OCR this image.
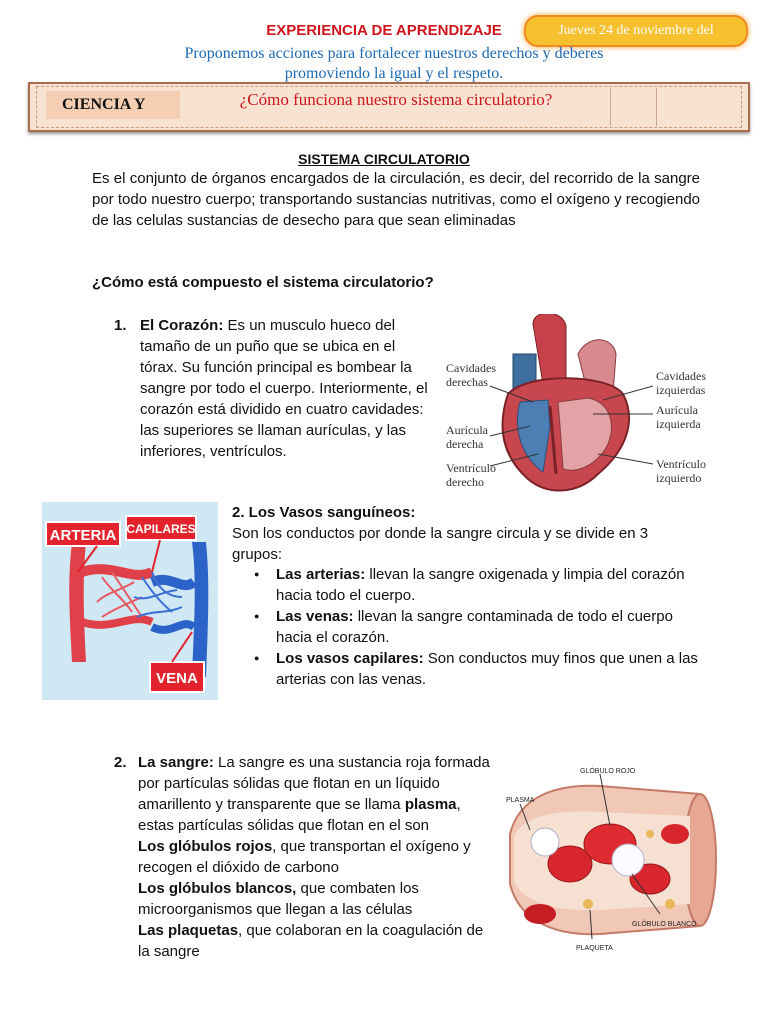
EXPERIENCIA DE APRENDIZAJE	Jueves 24 de noviembre del
Proponemos acciones para fortalecer nuestros derechos y deberes
promoviendo la igual y el respeto.
CIENCIA Y	¿Cómo funciona nuestro sistema circulatorio?
SISTEMA CIRCULATORIO
Es el conjunto de órganos encargados de la circulación, es decir, del recorrido de la sangre por todo nuestro cuerpo; transportando sustancias nutritivas, como el oxígeno y recogiendo de las celulas sustancias de desecho para que sean eliminadas
¿Cómo está compuesto el sistema circulatorio?
1. El Corazón: Es un musculo hueco del tamaño de un puño que se ubica en el tórax. Su función principal es bombear la sangre por todo el cuerpo. Interiormente, el corazón está dividido en cuatro cavidades: las superiores se llaman aurículas, y las inferiores, ventrículos.
Cavidades
derechas
Aurícula
derecha
Ventrículo
derecho
Cavidades
izquierdas
Aurícula
izquierda
Ventrículo
izquierdo
ARTERIA CAPILARES
VENA
2. Los Vasos sanguíneos:
Son los conductos por donde la sangre circula y se divide en 3 grupos:
● Las arterias: llevan la sangre oxigenada y limpia del corazón hacia todo el cuerpo.
● Las venas: llevan la sangre contaminada de todo el cuerpo hacia el corazón.
● Los vasos capilares: Son conductos muy finos que unen a las arterias con las venas.
2. La sangre: La sangre es una sustancia roja formada por partículas sólidas que flotan en un líquido amarillento y transparente que se llama plasma, estas partículas sólidas que flotan en el son
Los glóbulos rojos, que transportan el oxígeno y recogen el dióxido de carbono
Los glóbulos blancos, que combaten los microorganismos que llegan a las células
Las plaquetas, que colaboran en la coagulación de la sangre
GLÓBULO ROJO
PLASMA
GLÓBULO BLANCO
PLAQUETA
